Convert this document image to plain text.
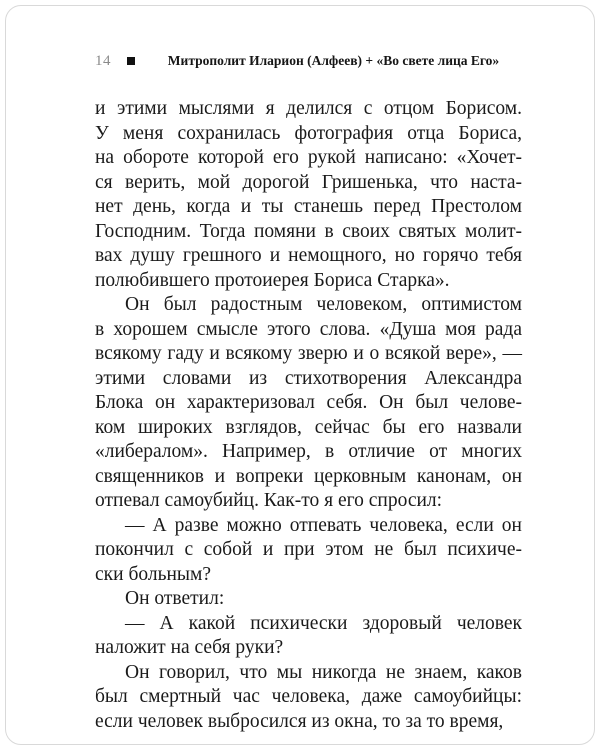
14	Митрополит Иларион (Алфеев) + «Во свете лица Его»
и этими мыслями я делился с отцом Борисом.
У меня сохранилась фотография отца Бориса,
на обороте которой его рукой написано: «Хочет-
ся верить, мой дорогой Гришенька, что наста-
нет день, когда и ты станешь перед Престолом
Господним. Тогда помяни в своих святых молит-
вах душу грешного и немощного, но горячо тебя
полюбившего протоиерея Бориса Старка».
Он был радостным человеком, оптимистом
в хорошем смысле этого слова. «Душа моя рада
всякому гаду и всякому зверю и о всякой вере», —
этими словами из стихотворения Александра
Блока он характеризовал себя. Он был челове-
ком широких взглядов, сейчас бы его назвали
«либералом». Например, в отличие от многих
священников и вопреки церковным канонам, он
отпевал самоубийц. Как-то я его спросил:
— А разве можно отпевать человека, если он
покончил с собой и при этом не был психиче-
ски больным?
Он ответил:
— А какой психически здоровый человек
наложит на себя руки?
Он говорил, что мы никогда не знаем, каков
был смертный час человека, даже самоубийцы:
если человек выбросился из окна, то за то время,
